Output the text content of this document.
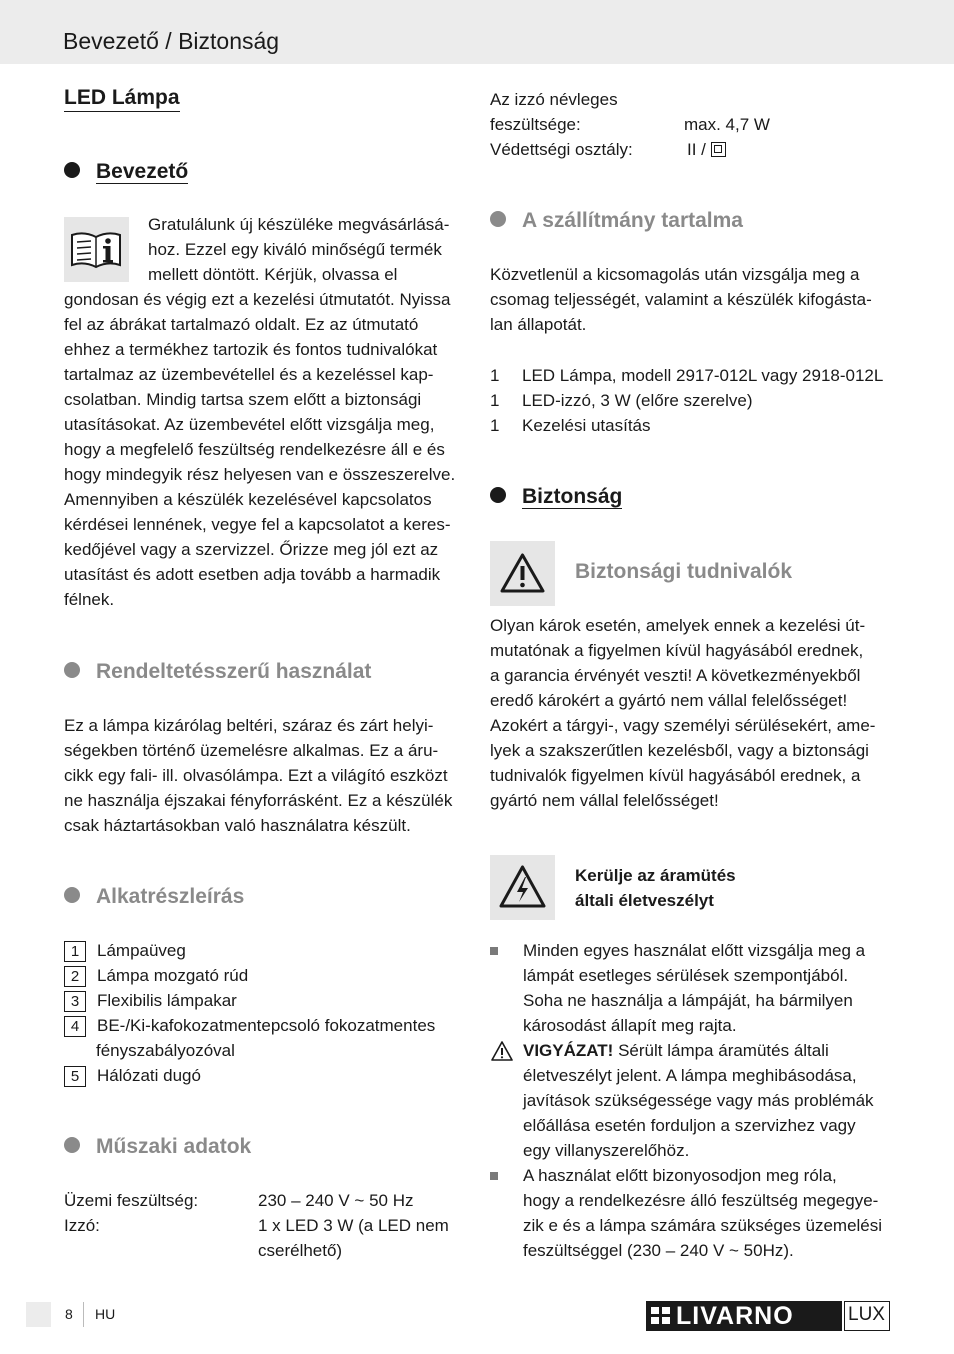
Bevezető / Biztonság
LED Lámpa
Bevezető
Gratulálunk új készüléke megvásárlásá-
hoz. Ezzel egy kiváló minőségű termék
mellett döntött. Kérjük, olvassa el
gondosan és végig ezt a kezelési útmutatót. Nyissa
fel az ábrákat tartalmazó oldalt. Ez az útmutató
ehhez a termékhez tartozik és fontos tudnivalókat
tartalmaz az üzembevétellel és a kezeléssel kap-
csolatban. Mindig tartsa szem előtt a biztonsági
utasításokat. Az üzembevétel előtt vizsgálja meg,
hogy a megfelelő feszültség rendelkezésre áll e és
hogy mindegyik rész helyesen van e összeszerelve.
Amennyiben a készülék kezelésével kapcsolatos
kérdései lennének, vegye fel a kapcsolatot a keres-
kedőjével vagy a szervizzel. Őrizze meg jól ezt az
utasítást és adott esetben adja tovább a harmadik
félnek.
Rendeltetésszerű használat
Ez a lámpa kizárólag beltéri, száraz és zárt helyi-
ségekben történő üzemelésre alkalmas. Ez a áru-
cikk egy fali- ill. olvasólámpa. Ezt a világító eszközt
ne használja éjszakai fényforrásként. Ez a készülék
csak háztartásokban való használatra készült.
Alkatrészleírás
1 Lámpaüveg
2 Lámpa mozgató rúd
3 Flexibilis lámpakar
4 BE-/Ki-kafokozatmentepcsoló fokozatmentes
fényszabályozóval
5 Hálózati dugó
Műszaki adatok
Üzemi feszültség:	230 – 240 V ~ 50 Hz
Izzó:	1 x LED 3 W (a LED nem
cserélhető)
Az izzó névleges
feszültsége:	max. 4,7 W
Védettségi osztály:	II /
A szállítmány tartalma
Közvetlenül a kicsomagolás után vizsgálja meg a
csomag teljességét, valamint a készülék kifogásta-
lan állapotát.
1 LED Lámpa, modell 2917-012L vagy 2918-012L
1 LED-izzó, 3 W (előre szerelve)
1 Kezelési utasítás
Biztonság
Biztonsági tudnivalók
Olyan károk esetén, amelyek ennek a kezelési út-
mutatónak a figyelmen kívül hagyásából erednek,
a garancia érvényét veszti! A következményekből
eredő károkért a gyártó nem vállal felelősséget!
Azokért a tárgyi-, vagy személyi sérülésekért, ame-
lyek a szakszerűtlen kezelésből, vagy a biztonsági
tudnivalók figyelmen kívül hagyásából erednek, a
gyártó nem vállal felelősséget!
Kerülje az áramütés
általi életveszélyt
Minden egyes használat előtt vizsgálja meg a
lámpát esetleges sérülések szempontjából.
Soha ne használja a lámpáját, ha bármilyen
károsodást állapít meg rajta.
VIGYÁZAT! Sérült lámpa áramütés általi
életveszélyt jelent. A lámpa meghibásodása,
javítások szükségessége vagy más problémák
előállása esetén forduljon a szervizhez vagy
egy villanyszerelőhöz.
A használat előtt bizonyosodjon meg róla,
hogy a rendelkezésre álló feszültség megegye-
zik e és a lámpa számára szükséges üzemelési
feszültséggel (230 – 240 V ~ 50Hz).
8 HU	LIVARNO	LUX
